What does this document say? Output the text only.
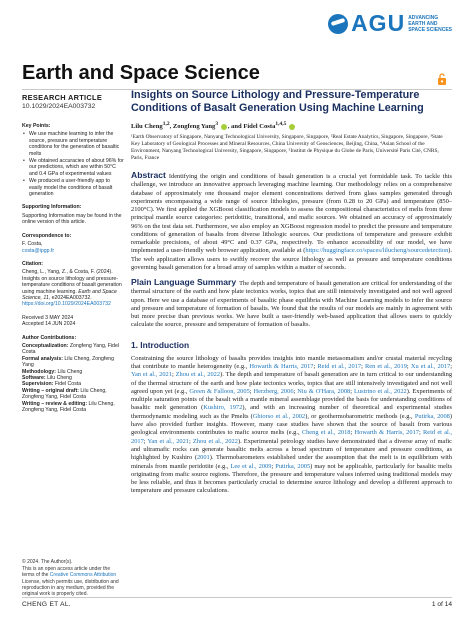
AGU ADVANCING
EARTH AND
SPACE SCIENCES
Earth and Space Science
RESEARCH ARTICLE
10.1029/2024EA003732
Key Points:
• We use machine learning to infer the source, pressure and temperature conditions for the generation of basaltic melts
• We obtained accuracies of about 96% for our predictions, which are within 50°C and 0.4 GPa of experimental values
• We produced a user-friendly app to easily model the conditions of basalt generation
Supporting Information:

Supporting Information may be found in the online version of this article.

Correspondence to:

F. Costa,

costa@ipgp.fr

Citation:

Cheng, L., Yang, Z., & Costa, F. (2024). Insights on source lithology and pressure-temperature conditions of basalt generation using machine learning. Earth and Space Science, 11, e2024EA003732. https://doi.org/10.1029/2024EA003732

Received 3 MAY 2024

Accepted 14 JUN 2024

Author Contributions:

Conceptualization: Zongfeng Yang, Fidel Costa

Formal analysis: Lilu Cheng, Zongfeng Yang

Methodology: Lilu Cheng

Software: Lilu Cheng

Supervision: Fidel Costa

Writing – original draft: Lilu Cheng, Zongfeng Yang, Fidel Costa

Writing – review & editing: Lilu Cheng, Zongfeng Yang, Fidel Costa

Insights on Source Lithology and Pressure-Temperature Conditions of Basalt Generation Using Machine Learning
Lilu Cheng$^{1,2}$, Zongfeng Yang$^3$ , and Fidel Costa$^{1,4,5}$

¹Earth Observatory of Singapore, Nanyang Technological University, Singapore, Singapore, ²Real Estate Analytics, Singapore, Singapore, ³State Key Laboratory of Geological Processes and Mineral Resources, China University of Geosciences, Beijing, China, ⁴Asian School of the Environment, Nanyang Technological University, Singapore, Singapore, ⁵Institut de Physique du Globe de Paris, Université Paris Cité, CNRS, Paris, France

Abstract Identifying the origin and conditions of basalt generation is a crucial yet formidable task. To tackle this challenge, we introduce an innovative approach leveraging machine learning. Our methodology relies on a comprehensive database of approximately one thousand major element concentrations derived from glass samples generated through experiments encompassing a wide range of source lithologies, pressure (from 0.28 to 20 GPa) and temperature (850–2100°C). We first applied the XGBoost classification models to assess the compositional characteristics of melts from three principal mantle source categories: peridotitic, transitional, and mafic sources. We obtained an accuracy of approximately 96% on the test data set. Furthermore, we also employ an XGBoost regression model to predict the pressure and temperature conditions of generation of basalts from diverse lithologic sources. Our predictions of temperature and pressure exhibit remarkable precisions, of about 49°C and 0.37 GPa, respectively. To enhance accessibility of our model, we have implemented a user-friendly web browser application, available at (https://huggingface.co/spaces/lilucheng/sourcedetection). The web application allows users to swiftly recover the source lithology as well as pressure and temperature conditions governing basalt generation for a broad array of samples within a matter of seconds.

Plain Language Summary The depth and temperature of basalt generation are critical for understanding of the thermal structure of the earth and how plate tectonics works, topics that are still intensively investigated and not well agreed upon. Here we use a database of experiments of basaltic phase equilibria with Machine Learning models to infer the source and pressure and temperature of formation of basalts. We found that the results of our models are mainly in agreement with but more precise than previous works. We have built a user-friendly web-based application that allows users to quickly calculate the source, pressure and temperature of formation of basalts.

1. Introduction

Constraining the source lithology of basalts provides insights into mantle metasomatism and/or crustal material recycling that contribute to mantle heterogeneity (e.g., Howarth & Harris, 2017; Reid et al., 2017; Ren et al., 2019; Xu et al., 2017; Yan et al., 2021; Zhou et al., 2022). The depth and temperature of basalt generation are in turn critical to our understanding of the thermal structure of the earth and how plate tectonics works, topics that are still intensively investigated and not well agreed upon yet (e.g., Green & Falloon, 2005; Herzberg, 2006; Niu & O'Hara, 2008; Lustrino et al., 2022). Experiments of multiple saturation points of the basalt with a mantle mineral assemblage provided the basis for understanding conditions of basaltic melt generation (Kushiro, 1972), and with an increasing number of theoretical and experimental studies thermodynamic modeling such as the Pmelts (Ghiorso et al., 2002), or geothermobarometric methods (e.g., Putirka, 2008) have also provided further insights. However, many case studies have shown that the source of basalt from various geological environments contributes to mafic source melts (e.g., Cheng et al., 2018; Howarth & Harris, 2017; Reid et al., 2017; Yan et al., 2021; Zhou et al., 2022). Experimental petrology studies have demonstrated that a diverse array of mafic and ultramafic rocks can generate basaltic melts across a broad spectrum of temperature and pressure conditions, as highlighted by Kushiro (2001). Thermobarometers established under the assumption that the melt is in equilibrium with minerals from mantle peridotite (e.g., Lee et al., 2009; Putirka, 2005) may not be applicable, particularly for basaltic melts originating from mafic source regions. Therefore, the pressure and temperature values inferred using traditional models may be less reliable, and thus it becomes particularly crucial to determine source lithology and develop a different approach to temperature and pressure calculations.

© 2024. The Author(s).

This is an open access article under the terms of the Creative Commons Attribution License, which permits use, distribution and reproduction in any medium, provided the original work is properly cited.

CHENG ET AL.	1 of 14
